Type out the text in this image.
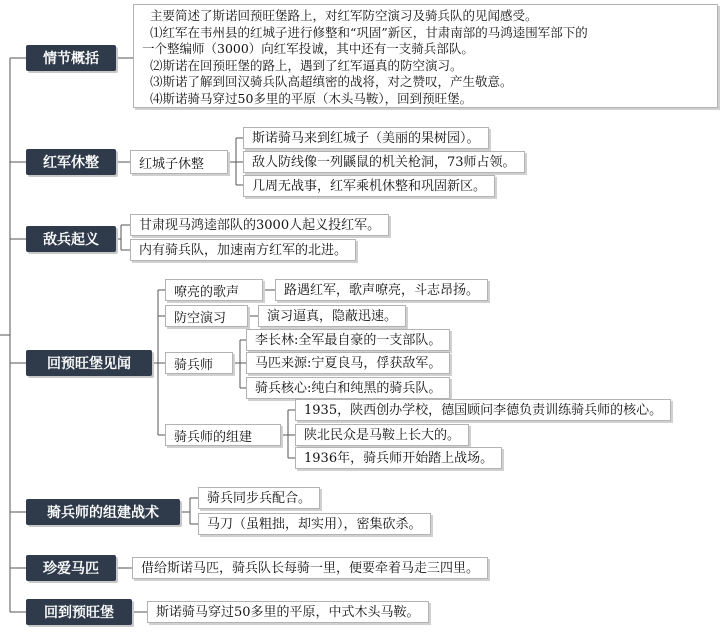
情节概括
红军休整
敌兵起义
回预旺堡见闻
骑兵师的组建战术
珍爱马匹
回到预旺堡

主要简述了斯诺回预旺堡路上，对红军防空演习及骑兵队的见闻感受。

⑴红军在韦州县的红城子进行修整和“巩固”新区，甘肃南部的马鸿逵围军部下的

一个整编师（3000）向红军投诚，其中还有一支骑兵部队。

⑵斯诺在回预旺堡的路上，遇到了红军逼真的防空演习。

⑶斯诺了解到回汉骑兵队高超缜密的战将，对之赞叹，产生敬意。

⑷斯诺骑马穿过50多里的平原（木头马鞍），回到预旺堡。

红城子休整
斯诺骑马来到红城子（美丽的果树园）。
敌人防线像一列鼷鼠的机关枪洞，73师占领。
几周无战事，红军乘机休整和巩固新区。
甘肃现马鸿逵部队的3000人起义投红军。
内有骑兵队，加速南方红军的北进。
嘹亮的歌声	路遇红军，歌声嘹亮，斗志昂扬。
防空演习	演习逼真，隐蔽迅速。
骑兵师
李长林:全军最自豪的一支部队。
马匹来源:宁夏良马，俘获敌军。
骑兵核心:纯白和纯黑的骑兵队。
骑兵师的组建
1935，陕西创办学校，德国顾问李德负责训练骑兵师的核心。
陕北民众是马鞍上长大的。
1936年，骑兵师开始踏上战场。
骑兵同步兵配合。
马刀（虽粗拙，却实用），密集砍杀。
借给斯诺马匹，骑兵队长每骑一里，便要牵着马走三四里。
斯诺骑马穿过50多里的平原，中式木头马鞍。
